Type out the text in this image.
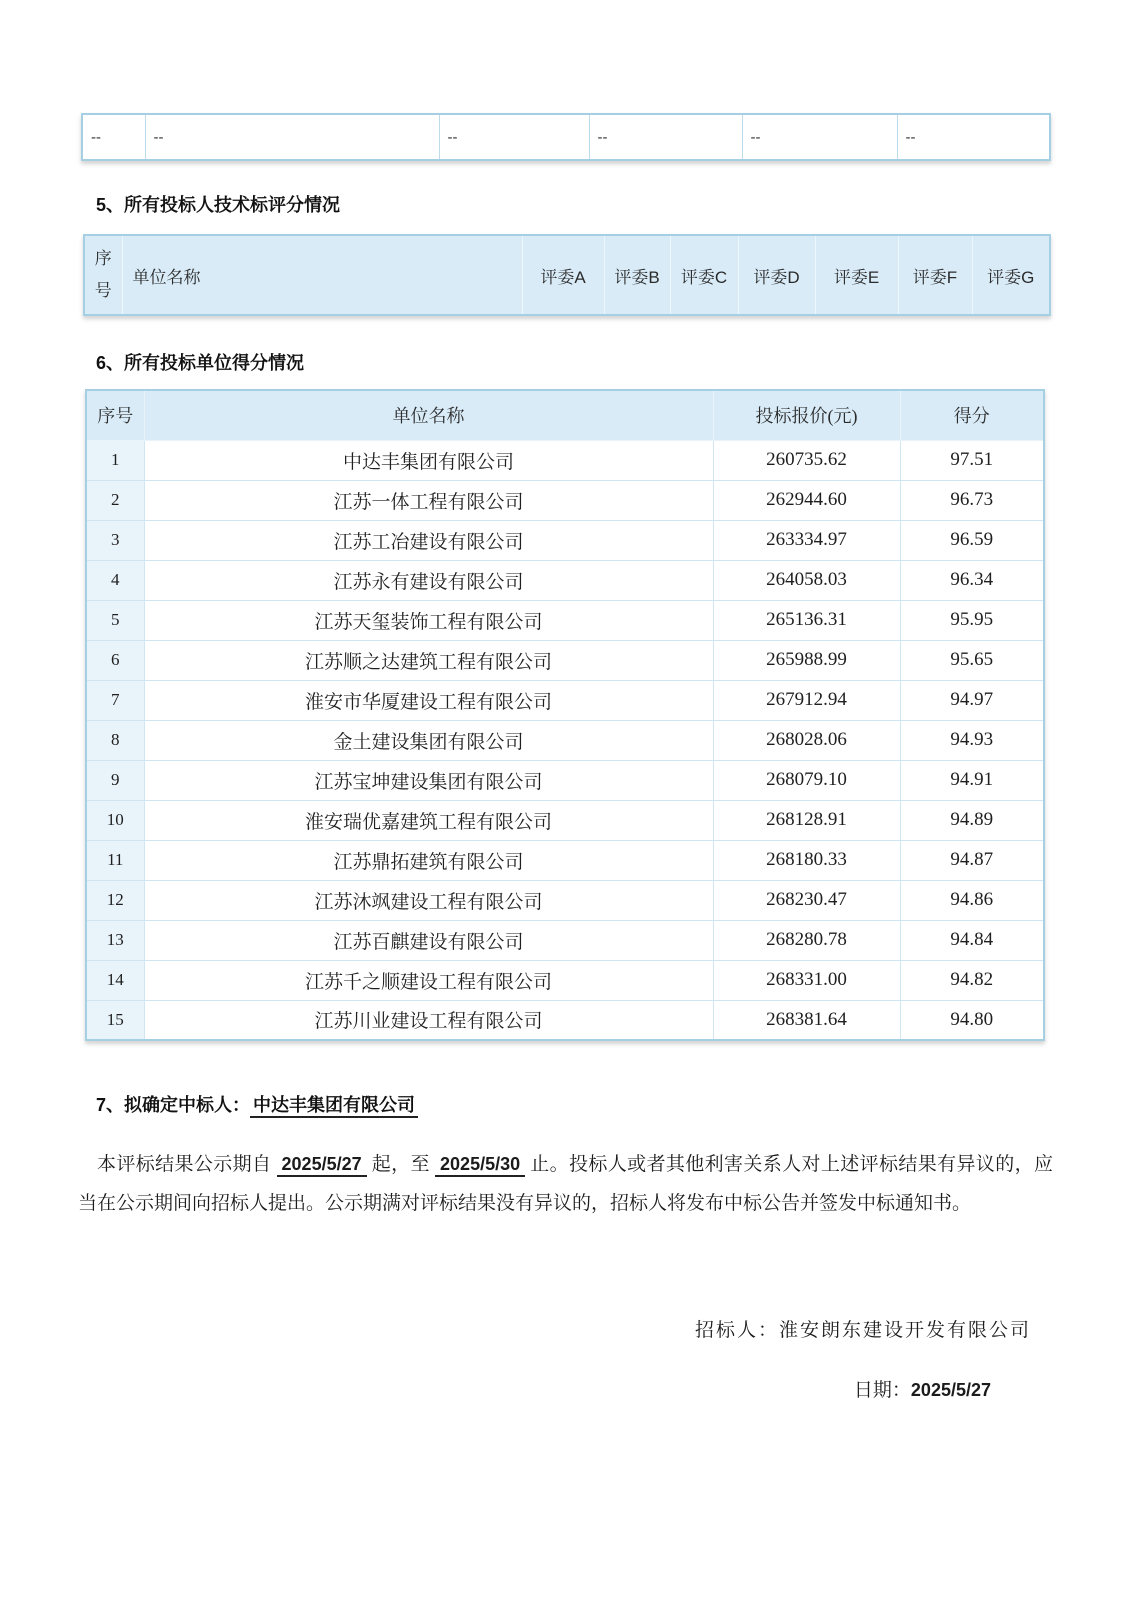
--	--	--	--	--	--
5、所有投标人技术标评分情况
序号	单位名称	评委A	评委B	评委C	评委D	评委E	评委F	评委G
6、所有投标单位得分情况
序号	单位名称	投标报价(元)	得分
1	中达丰集团有限公司	260735.62	97.51
2	江苏一体工程有限公司	262944.60	96.73
3	江苏工冶建设有限公司	263334.97	96.59
4	江苏永有建设有限公司	264058.03	96.34
5	江苏天玺装饰工程有限公司	265136.31	95.95
6	江苏顺之达建筑工程有限公司	265988.99	95.65
7	淮安市华厦建设工程有限公司	267912.94	94.97
8	金土建设集团有限公司	268028.06	94.93
9	江苏宝坤建设集团有限公司	268079.10	94.91
10	淮安瑞优嘉建筑工程有限公司	268128.91	94.89
11	江苏鼎拓建筑有限公司	268180.33	94.87
12	江苏沐飒建设工程有限公司	268230.47	94.86
13	江苏百麒建设有限公司	268280.78	94.84
14	江苏千之顺建设工程有限公司	268331.00	94.82
15	江苏川业建设工程有限公司	268381.64	94.80
7、拟确定中标人： 中达丰集团有限公司

本评标结果公示期自 2025/5/27 起，至 2025/5/30 止。投标人或者其他利害关系人对上述评标结果有异议的，应当在公示期间向招标人提出。公示期满对评标结果没有异议的，招标人将发布中标公告并签发中标通知书。

招标人：淮安朗东建设开发有限公司
日期：2025/5/27
